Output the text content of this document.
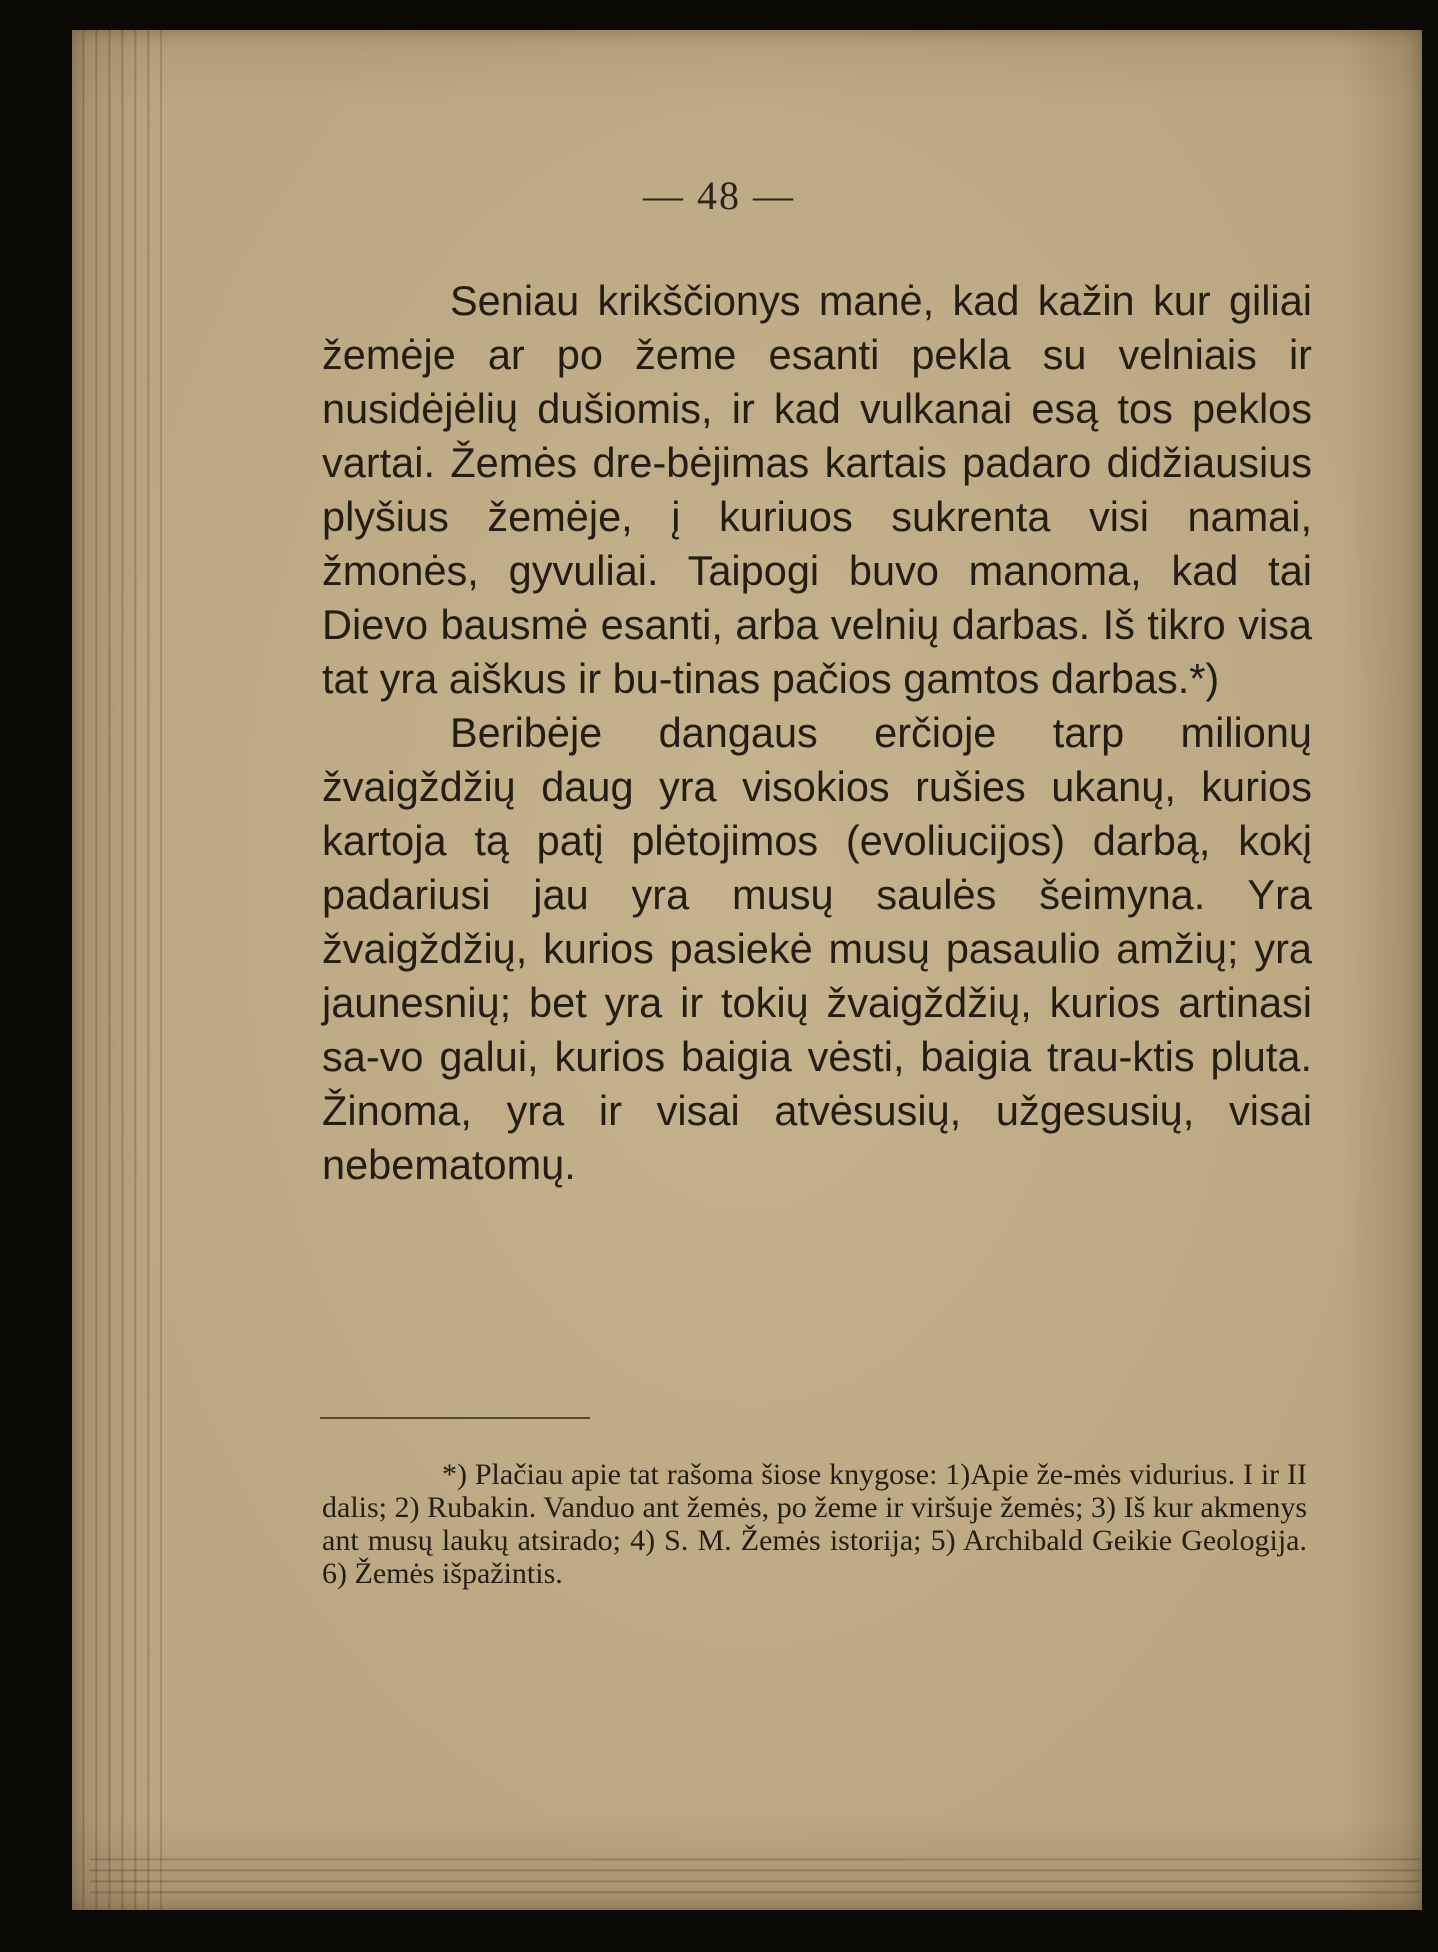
— 48 —

Seniau krikščionys manė, kad kažin kur giliai žemėje ar po žeme esanti pekla su velniais ir nusidėjėlių dušiomis, ir kad vulkanai esą tos peklos vartai. Žemės dre-bėjimas kartais padaro didžiausius plyšius žemėje, į kuriuos sukrenta visi namai, žmonės, gyvuliai. Taipogi buvo manoma, kad tai Dievo bausmė esanti, arba velnių darbas. Iš tikro visa tat yra aiškus ir bu-tinas pačios gamtos darbas.*)

Beribėje dangaus erčioje tarp milionų žvaigždžių daug yra visokios rušies ukanų, kurios kartoja tą patį plėtojimos (evoliucijos) darbą, kokį padariusi jau yra musų saulės šeimyna. Yra žvaigždžių, kurios pasiekė musų pasaulio amžių; yra jaunesnių; bet yra ir tokių žvaigždžių, kurios artinasi sa-vo galui, kurios baigia vėsti, baigia trau-ktis pluta. Žinoma, yra ir visai atvėsusių, užgesusių, visai nebematomų.

*) Plačiau apie tat rašoma šiose knygose: 1)Apie že-mės vidurius. I ir II dalis; 2) Rubakin. Vanduo ant žemės, po žeme ir viršuje žemės; 3) Iš kur akmenys ant musų laukų atsirado; 4) S. M. Žemės istorija; 5) Archibald Geikie Geologija. 6) Žemės išpažintis.
